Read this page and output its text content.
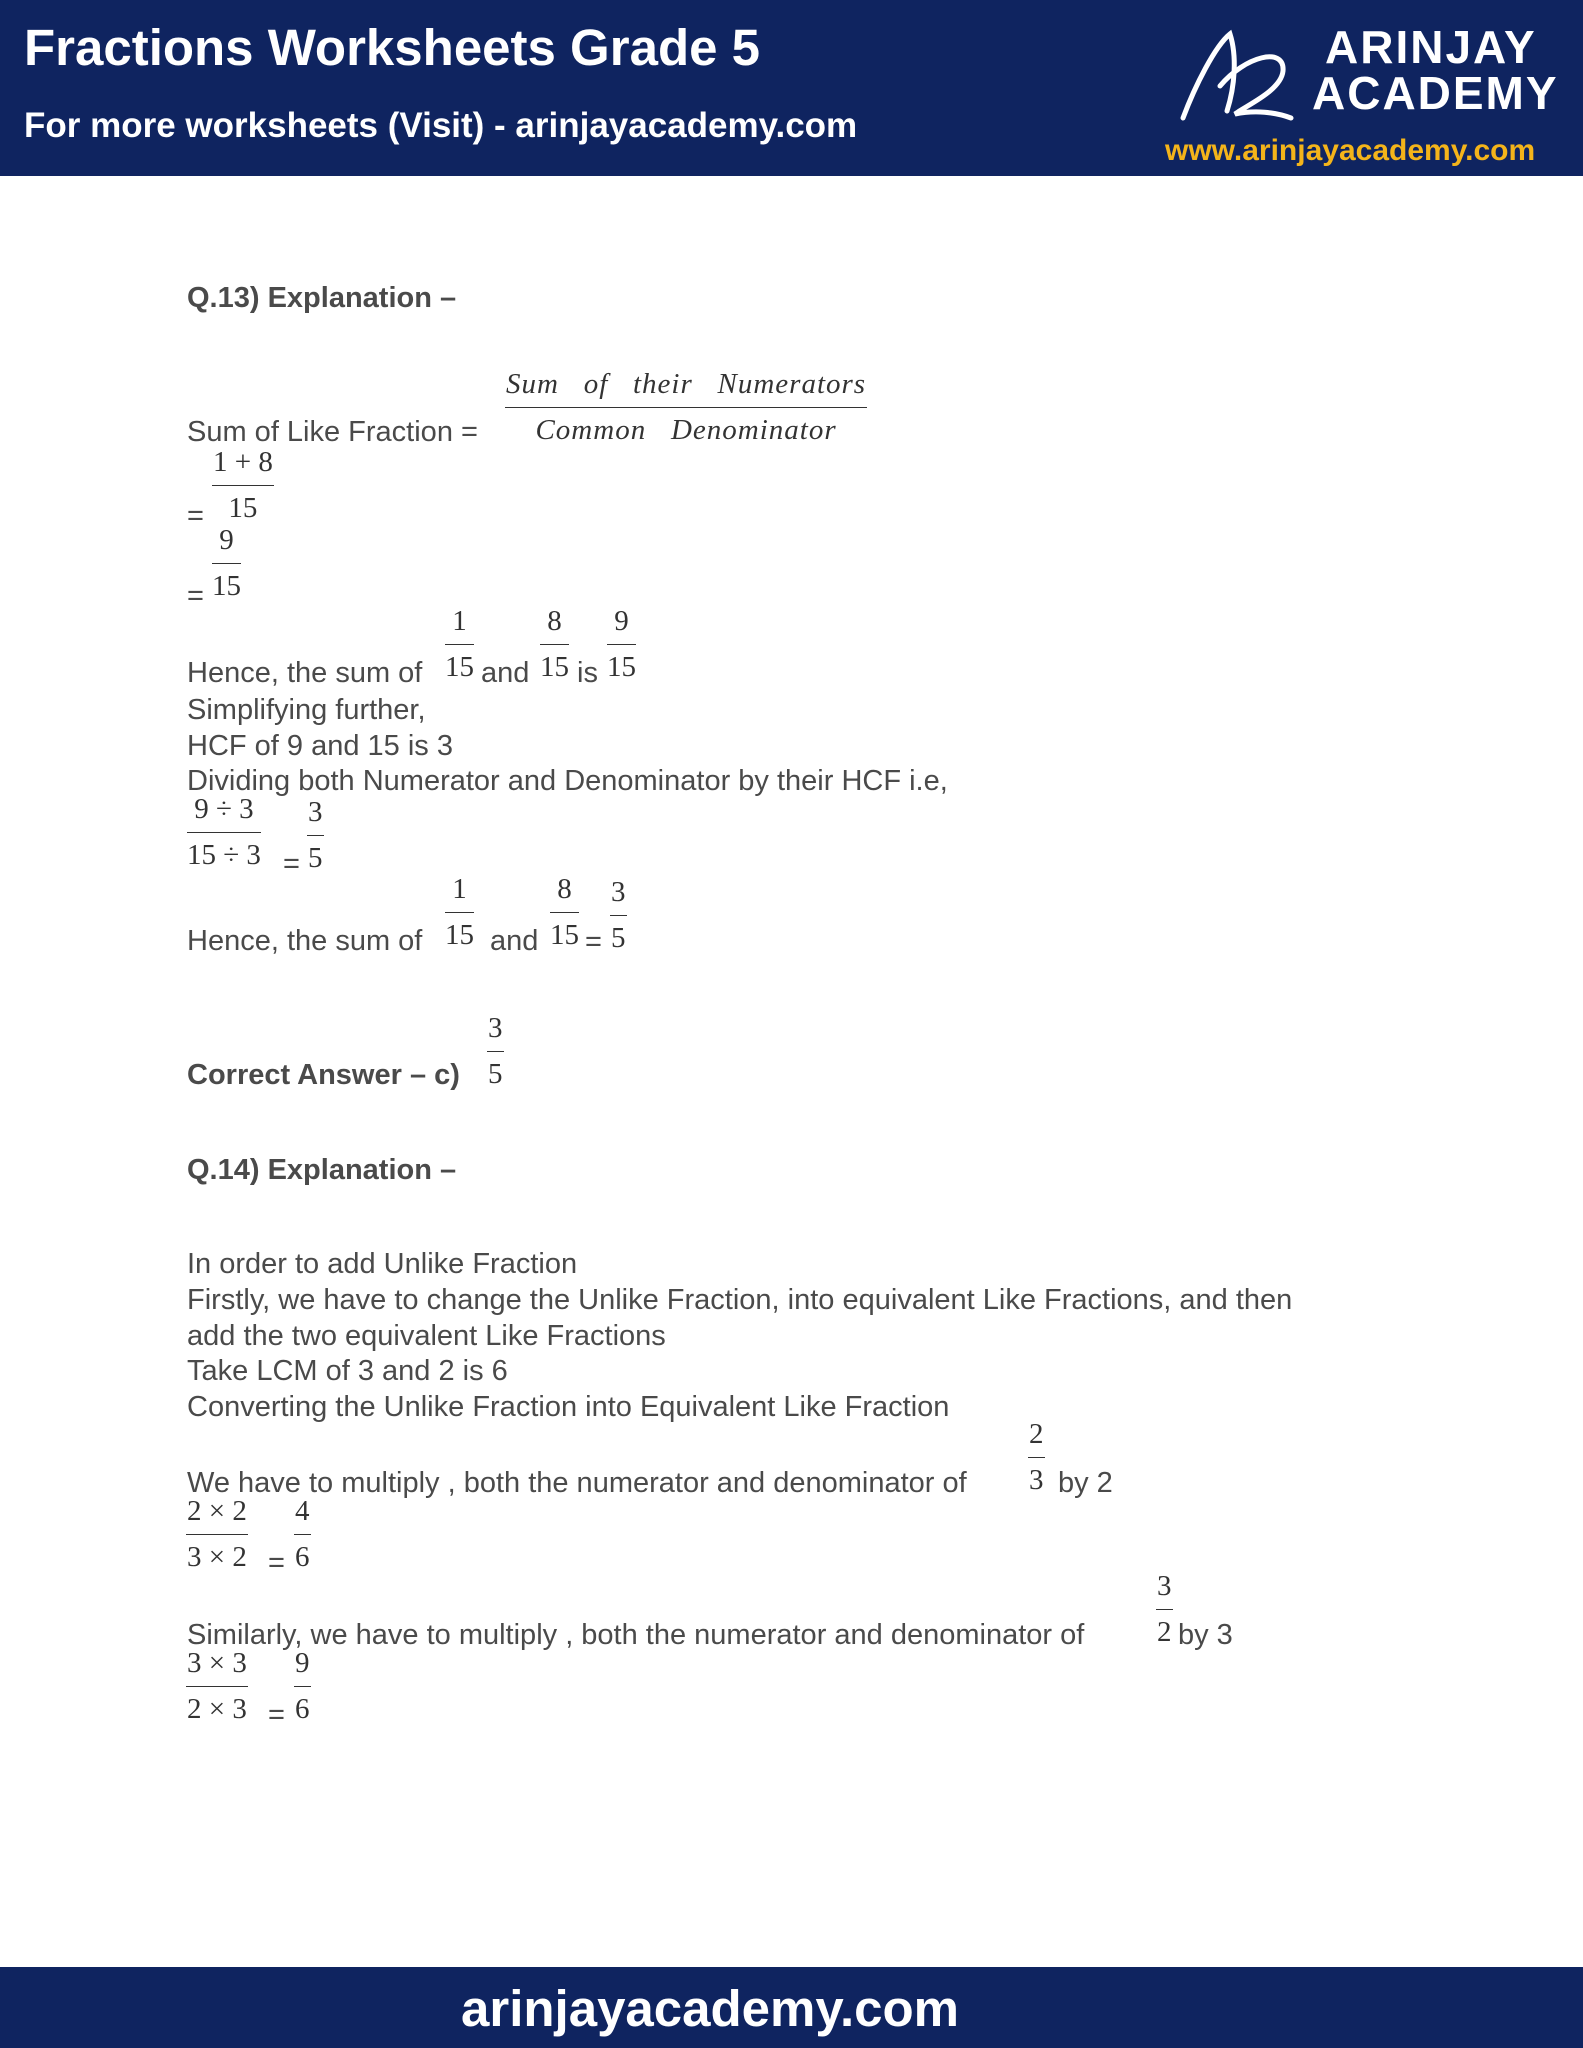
Fractions Worksheets Grade 5
For more worksheets (Visit) - arinjayacademy.com
ARINJAY
ACADEMY
www.arinjayacademy.com
Q.13) Explanation –
Sum of Like Fraction =
Sum   of   their   Numerators
Common   Denominator
= $\frac{1 + 8}{15}$
= $\frac{9}{15}$
Hence, the sum of $\frac{1}{15}$ and $\frac{8}{15}$ is $\frac{9}{15}$
Simplifying further,
HCF of 9 and 15 is 3
Dividing both Numerator and Denominator by their HCF i.e,
$\frac{9 \div 3}{15 \div 3} = \frac{3}{5}$
Hence, the sum of $\frac{1}{15}$ and $\frac{8}{15} = \frac{3}{5}$
Correct Answer – $c) \frac{3}{5}$
Q.14) Explanation –
In order to add Unlike Fraction
Firstly, we have to change the Unlike Fraction, into equivalent Like Fractions, and then
add the two equivalent Like Fractions
Take LCM of 3 and 2 is 6
Converting the Unlike Fraction into Equivalent Like Fraction
We have to multiply , both the numerator and denominator of $\frac{2}{3}$ by 2
$\frac{2 \times 2}{3 \times 2} = \frac{4}{6}$
Similarly, we have to multiply , both the numerator and denominator of $\frac{3}{2}$ by 3
$\frac{3 \times 3}{2 \times 3} = \frac{9}{6}$
arinjayacademy.com
